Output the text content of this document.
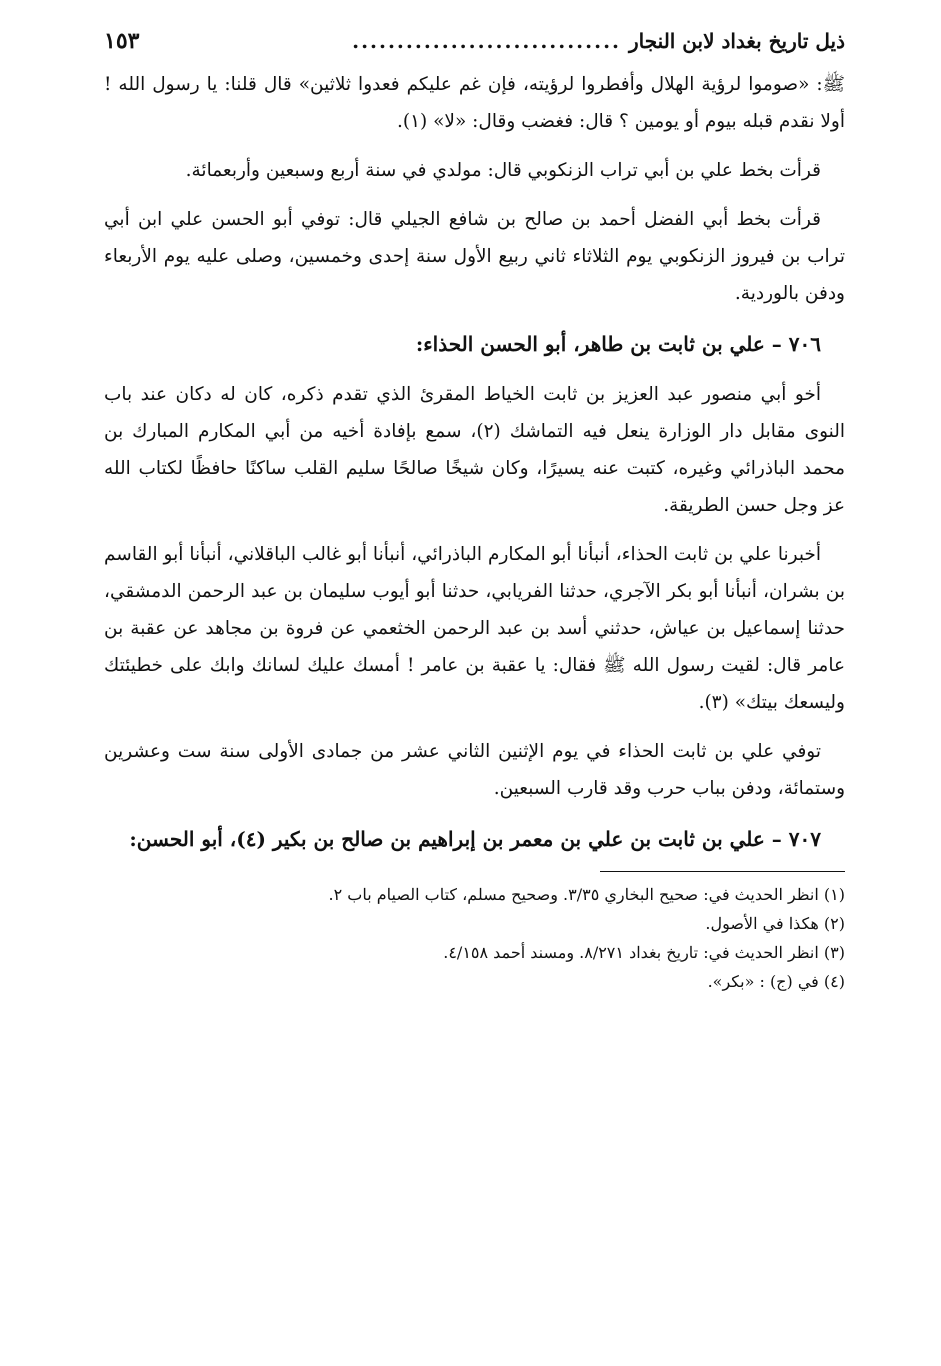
ذيل تاريخ بغداد لابن النجار
..............................
١٥٣

ﷺ: «صوموا لرؤية الهلال وأفطروا لرؤيته، فإن غم عليكم فعدوا ثلاثين» قال قلنا: يا رسول الله ! أولا نقدم قبله بيوم أو يومين ؟ قال: فغضب وقال: «لا» (١).

قرأت بخط علي بن أبي تراب الزنكوبي قال: مولدي في سنة أربع وسبعين وأربعمائة.

قرأت بخط أبي الفضل أحمد بن صالح بن شافع الجيلي قال: توفي أبو الحسن علي ابن أبي تراب بن فيروز الزنكوبي يوم الثلاثاء ثاني ربيع الأول سنة إحدى وخمسين، وصلى عليه يوم الأربعاء ودفن بالوردية.

٧٠٦ – علي بن ثابت بن طاهر، أبو الحسن الحذاء:

أخو أبي منصور عبد العزيز بن ثابت الخياط المقرئ الذي تقدم ذكره، كان له دكان عند باب النوى مقابل دار الوزارة ينعل فيه التماشك (٢)، سمع بإفادة أخيه من أبي المكارم المبارك بن محمد الباذرائي وغيره، كتبت عنه يسيرًا، وكان شيخًا صالحًا سليم القلب ساكنًا حافظًا لكتاب الله عز وجل حسن الطريقة.

أخبرنا علي بن ثابت الحذاء، أنبأنا أبو المكارم الباذرائي، أنبأنا أبو غالب الباقلاني، أنبأنا أبو القاسم بن بشران، أنبأنا أبو بكر الآجري، حدثنا الفريابي، حدثنا أبو أيوب سليمان بن عبد الرحمن الدمشقي، حدثنا إسماعيل بن عياش، حدثني أسد بن عبد الرحمن الخثعمي عن فروة بن مجاهد عن عقبة بن عامر قال: لقيت رسول الله ﷺ فقال: يا عقبة بن عامر ! أمسك عليك لسانك وابك على خطيئتك وليسعك بيتك» (٣).

توفي علي بن ثابت الحذاء في يوم الإثنين الثاني عشر من جمادى الأولى سنة ست وعشرين وستمائة، ودفن بباب حرب وقد قارب السبعين.

٧٠٧ – علي بن ثابت بن علي بن معمر بن إبراهيم بن صالح بن بكير (٤)، أبو الحسن:

(١) انظر الحديث في: صحيح البخاري ٣/٣٥. وصحيح مسلم، كتاب الصيام باب ٢.

(٢) هكذا في الأصول.

(٣) انظر الحديث في: تاريخ بغداد ٨/٢٧١. ومسند أحمد ٤/١٥٨.

(٤) في (ج) : «بكر».
